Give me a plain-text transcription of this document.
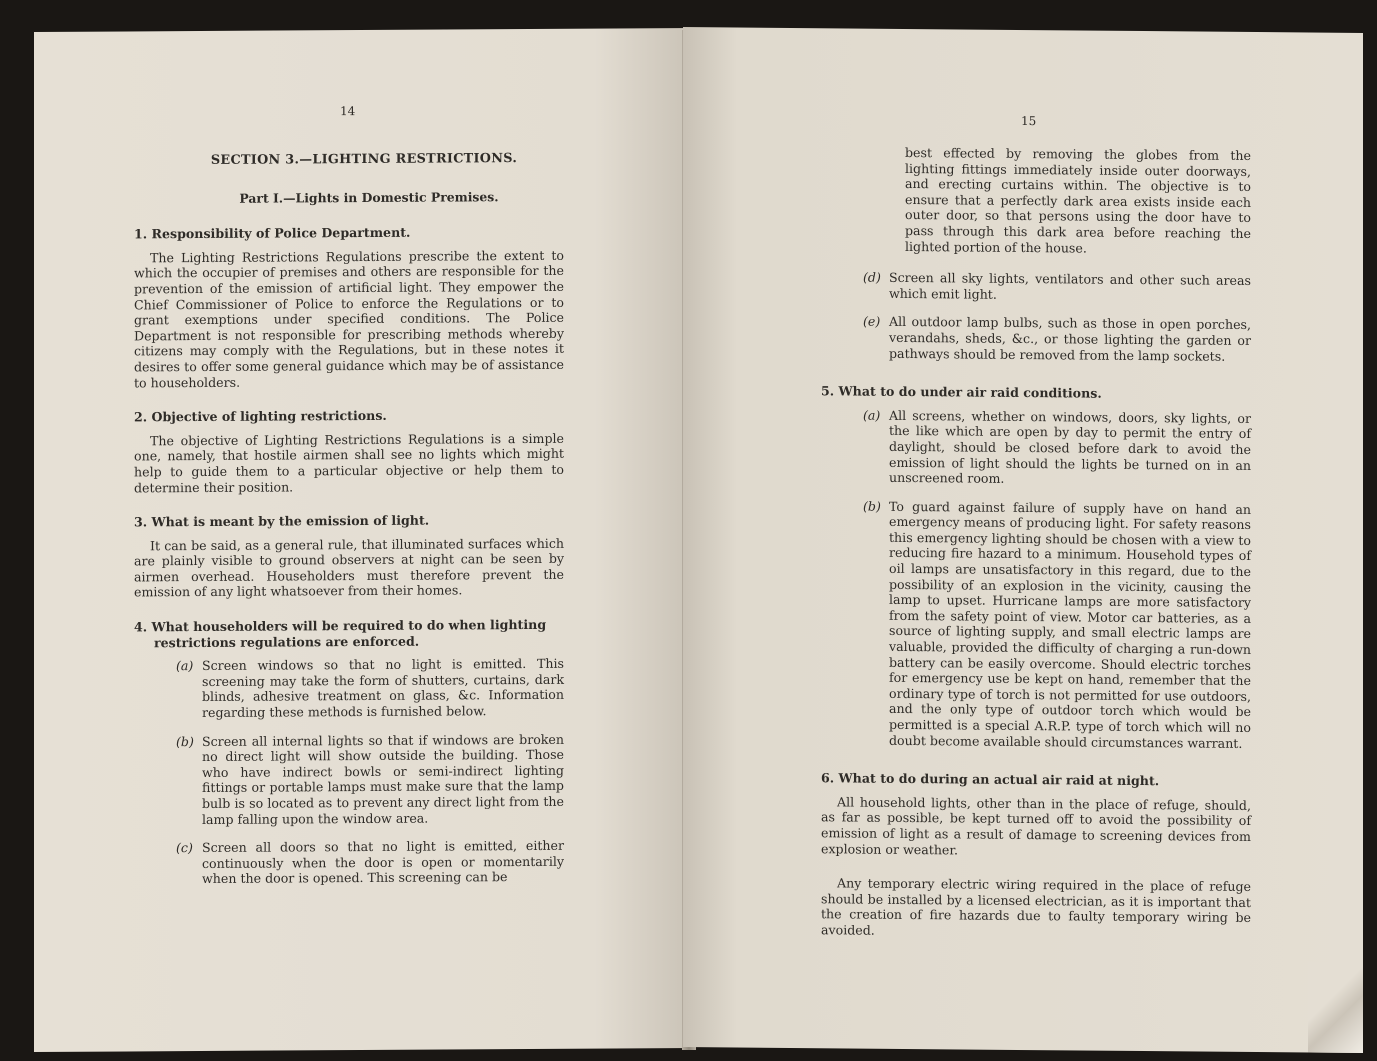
14
SECTION 3.—LIGHTING RESTRICTIONS.
Part I.—Lights in Domestic Premises.
1. Responsibility of Police Department.

The Lighting Restrictions Regulations prescribe the extent to which the occupier of premises and others are responsible for the prevention of the emission of artificial light. They empower the Chief Commissioner of Police to enforce the Regulations or to grant exemptions under specified conditions. The Police Department is not responsible for prescribing methods whereby citizens may comply with the Regulations, but in these notes it desires to offer some general guidance which may be of assistance to householders.

2. Objective of lighting restrictions.

The objective of Lighting Restrictions Regulations is a simple one, namely, that hostile airmen shall see no lights which might help to guide them to a particular objective or help them to determine their position.

3. What is meant by the emission of light.

It can be said, as a general rule, that illuminated surfaces which are plainly visible to ground observers at night can be seen by airmen overhead. Householders must therefore prevent the emission of any light whatsoever from their homes.

4. What householders will be required to do when lighting restrictions regulations are enforced.
(a) Screen windows so that no light is emitted. This screening may take the form of shutters, curtains, dark blinds, adhesive treatment on glass, &c. Information regarding these methods is furnished below.
(b) Screen all internal lights so that if windows are broken no direct light will show outside the building. Those who have indirect bowls or semi-indirect lighting fittings or portable lamps must make sure that the lamp bulb is so located as to prevent any direct light from the lamp falling upon the window area.
(c) Screen all doors so that no light is emitted, either continuously when the door is open or momentarily when the door is opened. This screening can be
15
best effected by removing the globes from the lighting fittings immediately inside outer doorways, and erecting curtains within. The objective is to ensure that a perfectly dark area exists inside each outer door, so that persons using the door have to pass through this dark area before reaching the lighted portion of the house.
(d) Screen all sky lights, ventilators and other such areas which emit light.
(e) All outdoor lamp bulbs, such as those in open porches, verandahs, sheds, &c., or those lighting the garden or pathways should be removed from the lamp sockets.
5. What to do under air raid conditions.
(a) All screens, whether on windows, doors, sky lights, or the like which are open by day to permit the entry of daylight, should be closed before dark to avoid the emission of light should the lights be turned on in an unscreened room.
(b) To guard against failure of supply have on hand an emergency means of producing light. For safety reasons this emergency lighting should be chosen with a view to reducing fire hazard to a minimum. Household types of oil lamps are unsatisfactory in this regard, due to the possibility of an explosion in the vicinity, causing the lamp to upset. Hurricane lamps are more satisfactory from the safety point of view. Motor car batteries, as a source of lighting supply, and small electric lamps are valuable, provided the difficulty of charging a run-down battery can be easily overcome. Should electric torches for emergency use be kept on hand, remember that the ordinary type of torch is not permitted for use outdoors, and the only type of outdoor torch which would be permitted is a special A.R.P. type of torch which will no doubt become available should circumstances warrant.
6. What to do during an actual air raid at night.

All household lights, other than in the place of refuge, should, as far as possible, be kept turned off to avoid the possibility of emission of light as a result of damage to screening devices from explosion or weather.

Any temporary electric wiring required in the place of refuge should be installed by a licensed electrician, as it is important that the creation of fire hazards due to faulty temporary wiring be avoided.
